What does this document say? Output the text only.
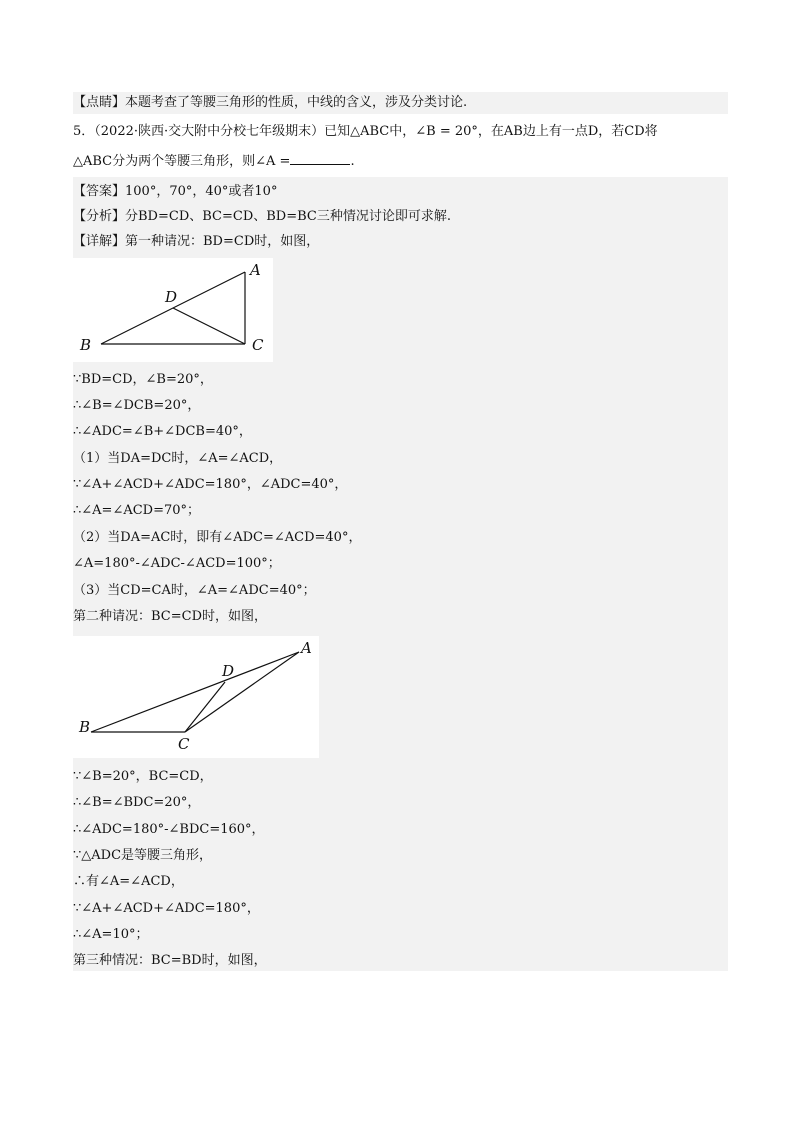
【点睛】本题考查了等腰三角形的性质，中线的含义，涉及分类讨论.
5．（2022·陕西·交大附中分校七年级期末）已知△ABC中，∠B = 20°，在AB边上有一点D，若CD将
△ABC分为两个等腰三角形，则∠A =	.
【答案】100°，70°，40°或者10°
【分析】分BD=CD、BC=CD、BD=BC三种情况讨论即可求解.
【详解】第一种请况：BD=CD时，如图，
A
D
B	C
∵BD=CD，∠B=20°，
∴∠B=∠DCB=20°，
∴∠ADC=∠B+∠DCB=40°，
（1）当DA=DC时，∠A=∠ACD，
∵∠A+∠ACD+∠ADC=180°，∠ADC=40°，
∴∠A=∠ACD=70°；
（2）当DA=AC时，即有∠ADC=∠ACD=40°，
∠A=180°-∠ADC-∠ACD=100°；
（3）当CD=CA时，∠A=∠ADC=40°；
第二种请况：BC=CD时，如图，
A
D
B
C
∵∠B=20°，BC=CD，
∴∠B=∠BDC=20°，
∴∠ADC=180°-∠BDC=160°，
∵△ADC是等腰三角形，
∴有∠A=∠ACD，
∵∠A+∠ACD+∠ADC=180°，
∴∠A=10°；
第三种情况：BC=BD时，如图，
